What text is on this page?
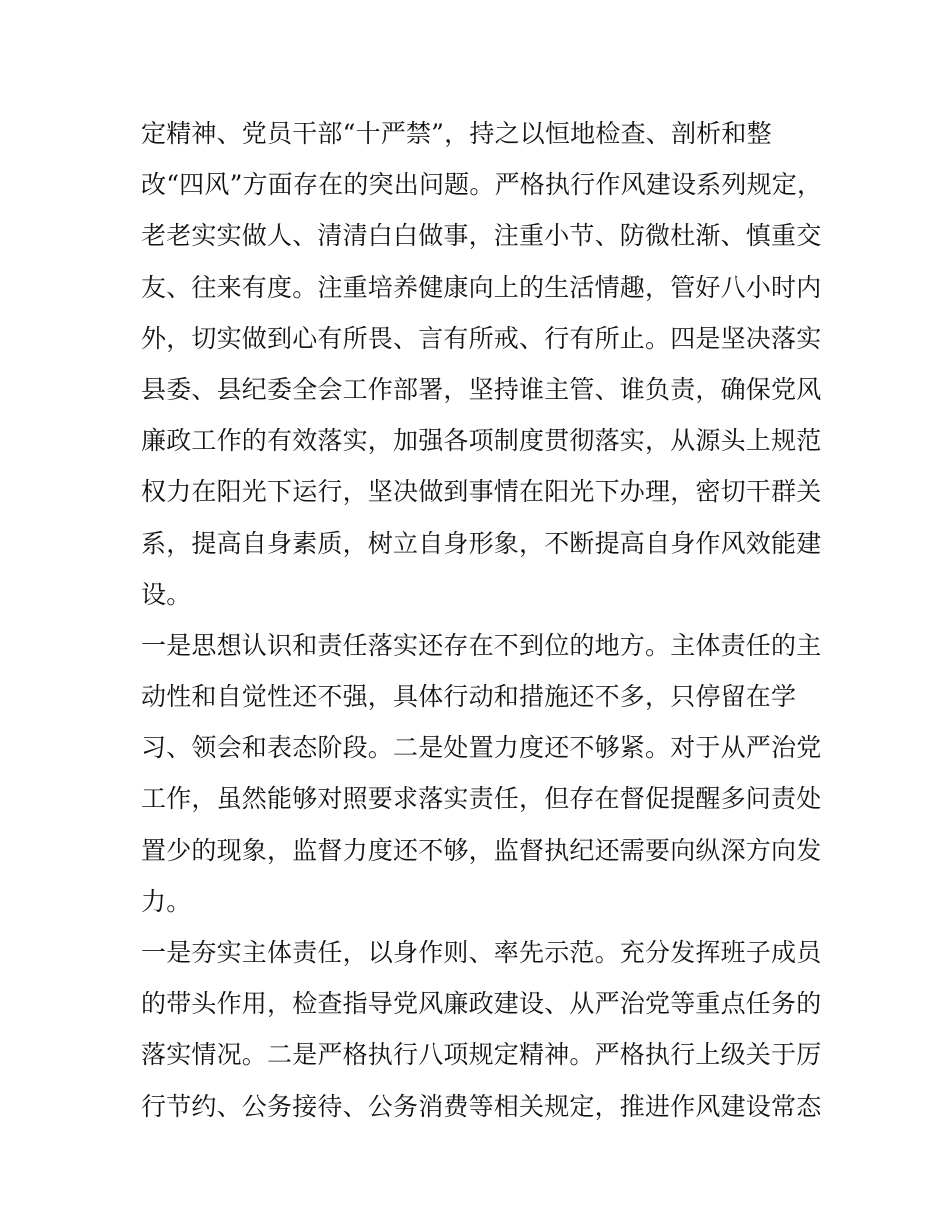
定精神、党员干部“十严禁”，持之以恒地检查、剖析和整
改“四风”方面存在的突出问题。严格执行作风建设系列规定，
老老实实做人、清清白白做事，注重小节、防微杜渐、慎重交
友、往来有度。注重培养健康向上的生活情趣，管好八小时内
外，切实做到心有所畏、言有所戒、行有所止。四是坚决落实
县委、县纪委全会工作部署，坚持谁主管、谁负责，确保党风
廉政工作的有效落实，加强各项制度贯彻落实，从源头上规范
权力在阳光下运行，坚决做到事情在阳光下办理，密切干群关
系，提高自身素质，树立自身形象，不断提高自身作风效能建
设。
一是思想认识和责任落实还存在不到位的地方。主体责任的主
动性和自觉性还不强，具体行动和措施还不多，只停留在学
习、领会和表态阶段。二是处置力度还不够紧。对于从严治党
工作，虽然能够对照要求落实责任，但存在督促提醒多问责处
置少的现象，监督力度还不够，监督执纪还需要向纵深方向发
力。
一是夯实主体责任，以身作则、率先示范。充分发挥班子成员
的带头作用，检查指导党风廉政建设、从严治党等重点任务的
落实情况。二是严格执行八项规定精神。严格执行上级关于厉
行节约、公务接待、公务消费等相关规定，推进作风建设常态
